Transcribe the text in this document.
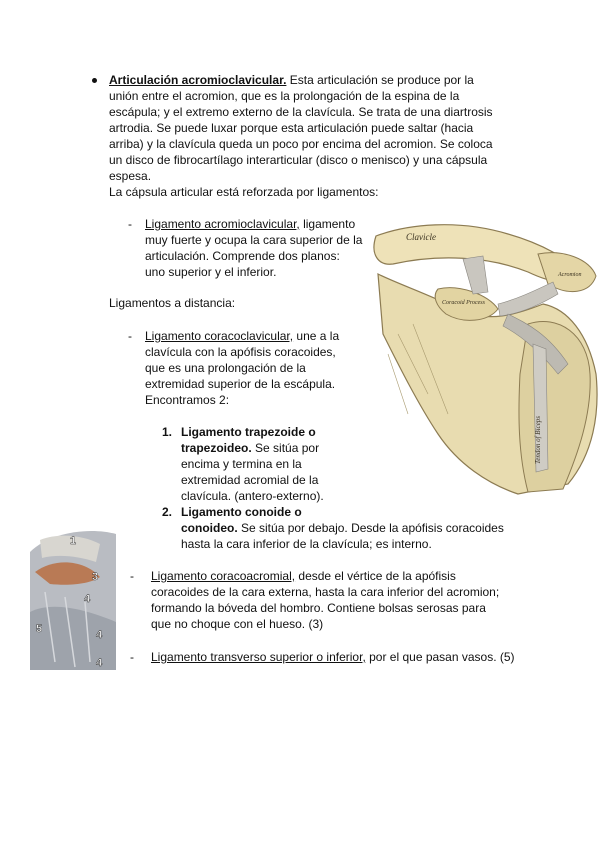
Articulación acromioclavicular. Esta articulación se produce por la unión entre el acromion, que es la prolongación de la espina de la escápula; y el extremo externo de la clavícula. Se trata de una diartrosis artrodia. Se puede luxar porque esta articulación puede saltar (hacia arriba) y la clavícula queda un poco por encima del acromion. Se coloca un disco de fibrocartílago interarticular (disco o menisco) y una cápsula espesa.

La cápsula articular está reforzada por ligamentos:

- Ligamento acromioclavicular, ligamento muy fuerte y ocupa la cara superior de la articulación. Comprende dos planos: uno superior y el inferior.

Ligamentos a distancia:

- Ligamento coracoclavicular, une a la clavícula con la apófisis coracoides, que es una prolongación de la extremidad superior de la escápula. Encontramos 2:

1. Ligamento trapezoide o trapezoideo. Se sitúa por encima y termina en la extremidad acromial de la clavícula. (antero-externo).

2. Ligamento conoide o

conoideo. Se sitúa por debajo. Desde la apófisis coracoides

hasta la cara inferior de la clavícula; es interno.

- Ligamento coracoacromial, desde el vértice de la apófisis coracoides de la cara externa, hasta la cara inferior del acromion; formando la bóveda del hombro. Contiene bolsas serosas para que no choque con el hueso. (3)

- Ligamento transverso superior o inferior, por el que pasan vasos. (5)

Clavicle
Coracoid Process
Acromion
Tendon of Biceps
1
3
4
5	4
4
